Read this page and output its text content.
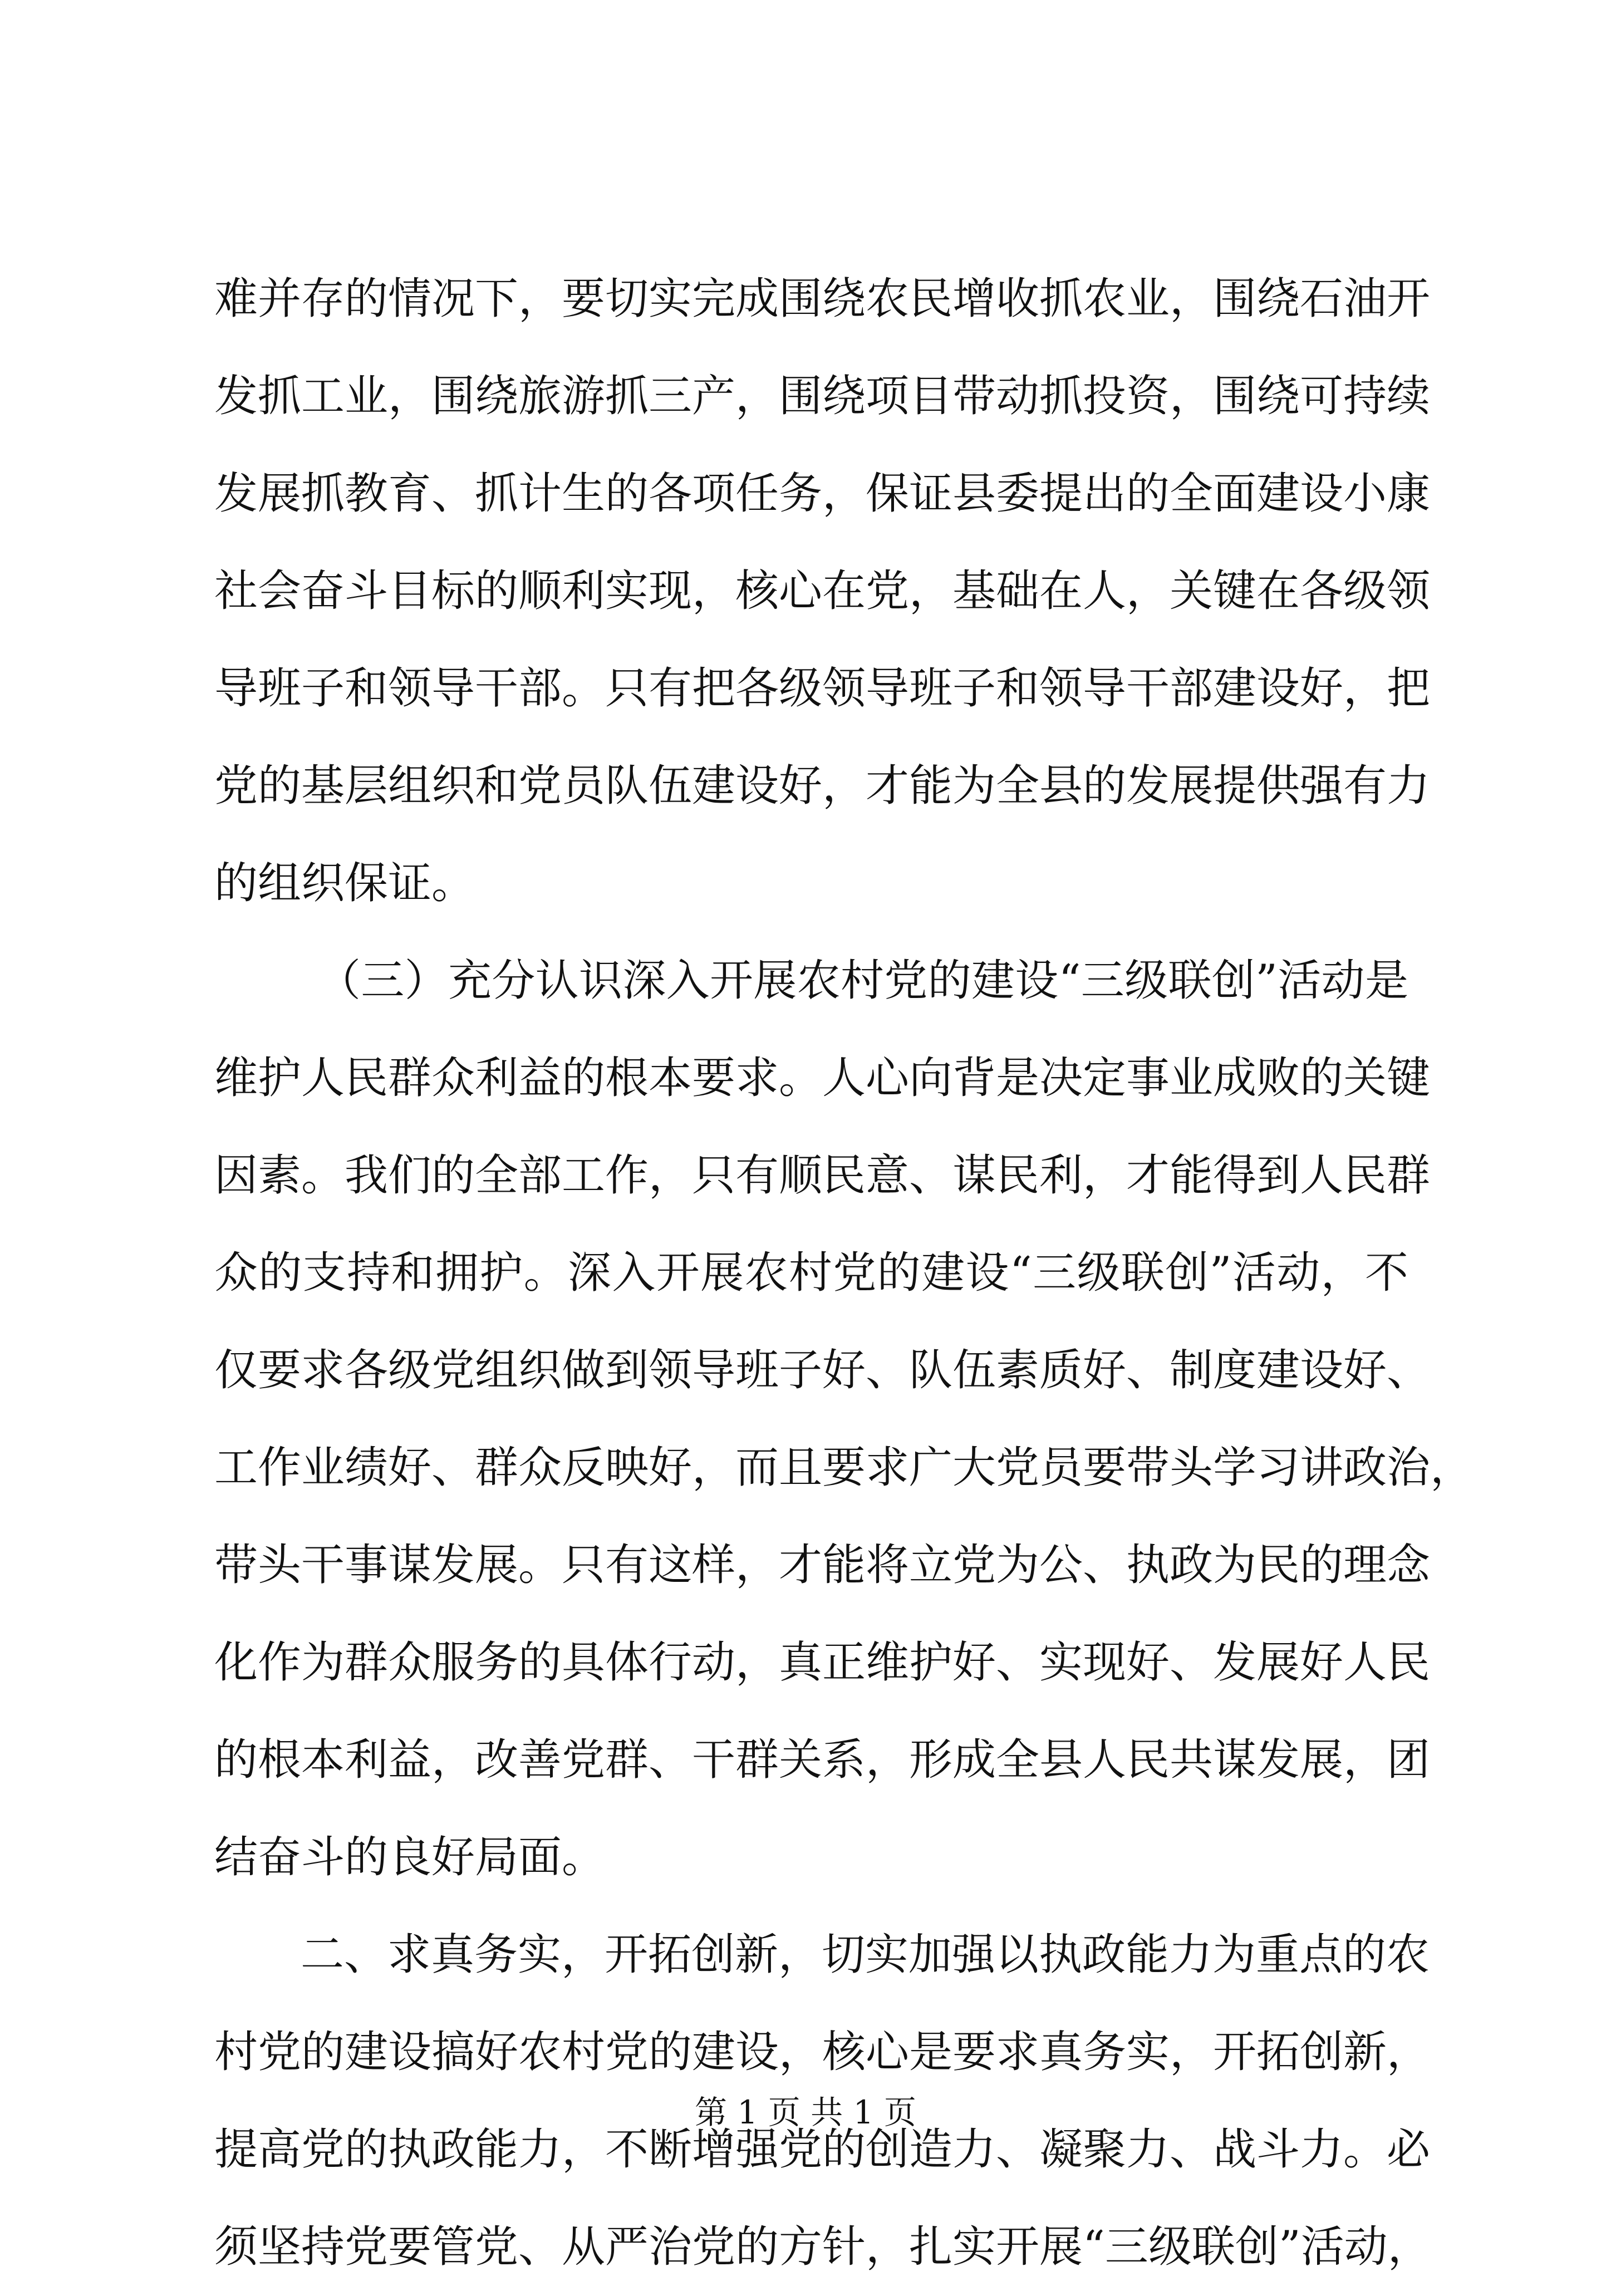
难并存的情况下，要切实完成围绕农民增收抓农业，围绕石油开
发抓工业，围绕旅游抓三产，围绕项目带动抓投资，围绕可持续
发展抓教育、抓计生的各项任务，保证县委提出的全面建设小康
社会奋斗目标的顺利实现，核心在党，基础在人，关键在各级领
导班子和领导干部。只有把各级领导班子和领导干部建设好，把
党的基层组织和党员队伍建设好，才能为全县的发展提供强有力
的组织保证。
（三）充分认识深入开展农村党的建设“三级联创”活动是
维护人民群众利益的根本要求。人心向背是决定事业成败的关键
因素。我们的全部工作，只有顺民意、谋民利，才能得到人民群
众的支持和拥护。深入开展农村党的建设“三级联创”活动，不
仅要求各级党组织做到领导班子好、队伍素质好、制度建设好、
工作业绩好、群众反映好，而且要求广大党员要带头学习讲政治，
带头干事谋发展。只有这样，才能将立党为公、执政为民的理念
化作为群众服务的具体行动，真正维护好、实现好、发展好人民
的根本利益，改善党群、干群关系，形成全县人民共谋发展，团
结奋斗的良好局面。
二、求真务实，开拓创新，切实加强以执政能力为重点的农
村党的建设搞好农村党的建设，核心是要求真务实，开拓创新，
提高党的执政能力，不断增强党的创造力、凝聚力、战斗力。必
须坚持党要管党、从严治党的方针，扎实开展“三级联创”活动，
第 1 页 共 1 页
